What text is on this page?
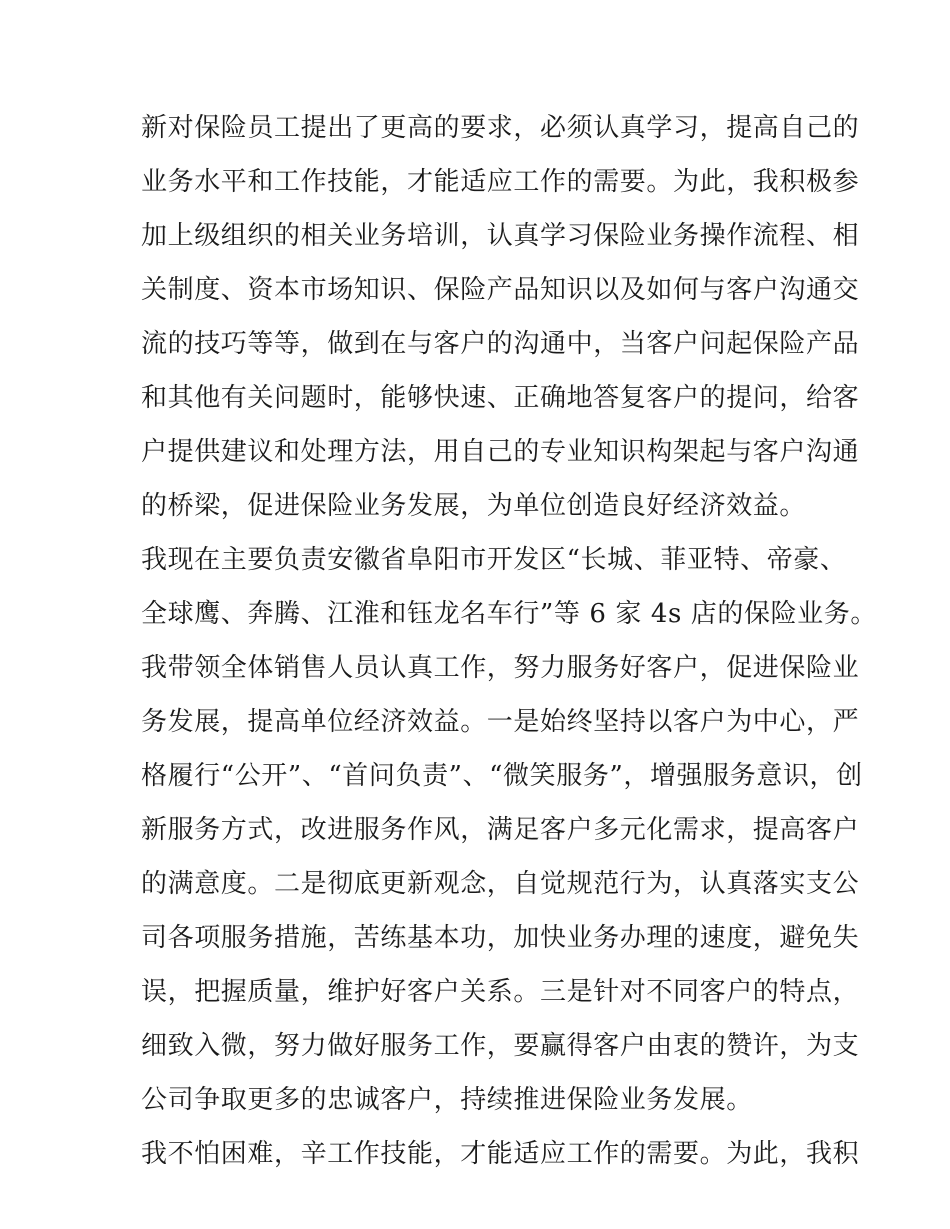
新对保险员工提出了更高的要求，必须认真学习，提高自己的
业务水平和工作技能，才能适应工作的需要。为此，我积极参
加上级组织的相关业务培训，认真学习保险业务操作流程、相
关制度、资本市场知识、保险产品知识以及如何与客户沟通交
流的技巧等等，做到在与客户的沟通中，当客户问起保险产品
和其他有关问题时，能够快速、正确地答复客户的提问，给客
户提供建议和处理方法，用自己的专业知识构架起与客户沟通
的桥梁，促进保险业务发展，为单位创造良好经济效益。
我现在主要负责安徽省阜阳市开发区“长城、菲亚特、帝豪、
全球鹰、奔腾、江淮和钰龙名车行”等 6 家 4s 店的保险业务。
我带领全体销售人员认真工作，努力服务好客户，促进保险业
务发展，提高单位经济效益。一是始终坚持以客户为中心，严
格履行“公开”、“首问负责”、“微笑服务”，增强服务意识，创
新服务方式，改进服务作风，满足客户多元化需求，提高客户
的满意度。二是彻底更新观念，自觉规范行为，认真落实支公
司各项服务措施，苦练基本功，加快业务办理的速度，避免失
误，把握质量，维护好客户关系。三是针对不同客户的特点，
细致入微，努力做好服务工作，要赢得客户由衷的赞许，为支
公司争取更多的忠诚客户，持续推进保险业务发展。
我不怕困难，辛工作技能，才能适应工作的需要。为此，我积
